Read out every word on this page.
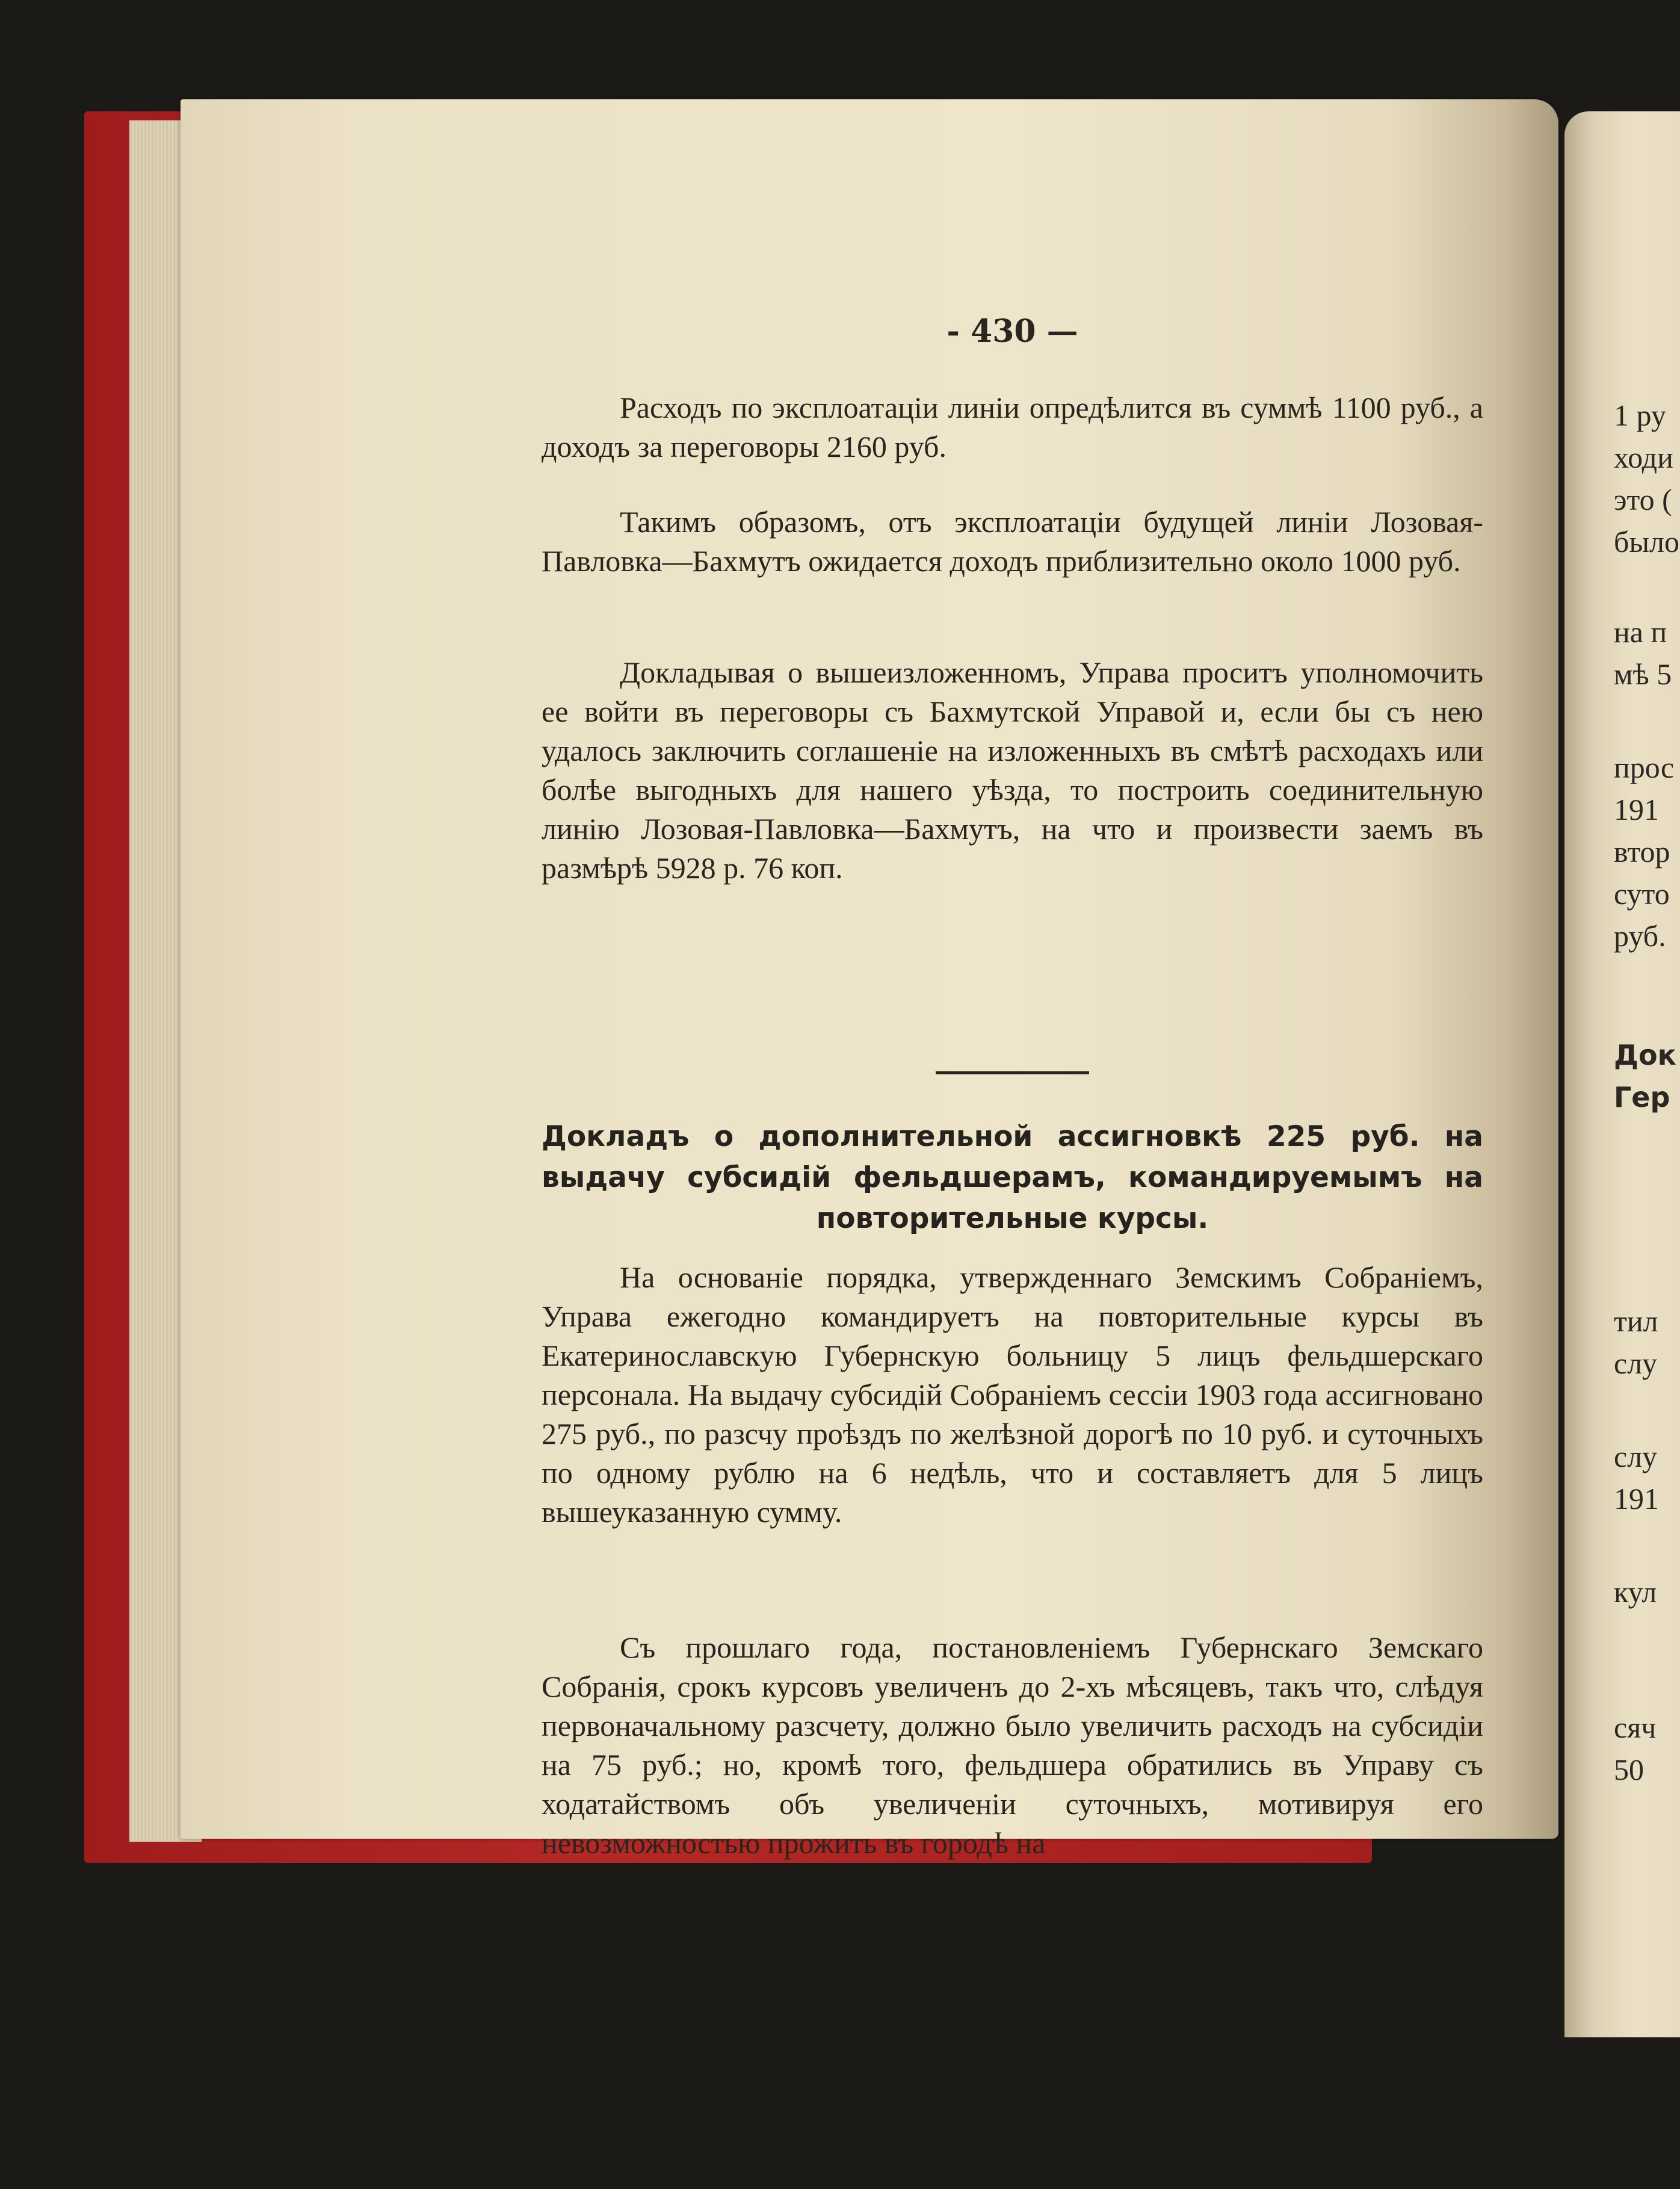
- 430 —
Расходъ по эксплоатаціи линіи опредѣлится въ суммѣ 1100 руб., а доходъ за переговоры 2160 руб.
Такимъ образомъ, отъ эксплоатаціи будущей линіи Лозовая-Павловка—Бахмутъ ожидается доходъ приблизительно около 1000 руб.
Докладывая о вышеизложенномъ, Управа проситъ уполномочить ее войти въ переговоры съ Бахмутской Управой и, если бы съ нею удалось заключить соглашеніе на изложенныхъ въ смѣтѣ расходахъ или болѣе выгодныхъ для нашего уѣзда, то построить соединительную линію Лозовая-Павловка—Бахмутъ, на что и произвести заемъ въ размѣрѣ 5928 р. 76 коп.
Докладъ о дополнительной ассигновкѣ 225 руб. на выдачу субсидій фельдшерамъ, командируемымъ на повторительные курсы.
На основаніе порядка, утвержденнаго Земскимъ Собраніемъ, Управа ежегодно командируетъ на повторительные курсы въ Екатеринославскую Губернскую больницу 5 лицъ фельдшерскаго персонала. На выдачу субсидій Собраніемъ сессіи 1903 года ассигновано 275 руб., по разсчу проѣздъ по желѣзной дорогѣ по 10 руб. и суточныхъ по одному рублю на 6 недѣль, что и составляетъ для 5 лицъ вышеуказанную сумму.
Съ прошлаго года, постановленіемъ Губернскаго Земскаго Собранія, срокъ курсовъ увеличенъ до 2-хъ мѣсяцевъ, такъ что, слѣдуя первоначальному разсчету, должно было увеличить расходъ на субсидіи на 75 руб.; но, кромѣ того, фельдшера обратились въ Управу съ ходатайствомъ объ увеличеніи суточныхъ, мотивируя его невозможностью прожить въ городѣ на
1 ру
ходи
это (
было
на п
мѣ 5
прос
191
втор
суто
руб.
Док
Гер
тил
слу
слу
191
кул
сяч
50
